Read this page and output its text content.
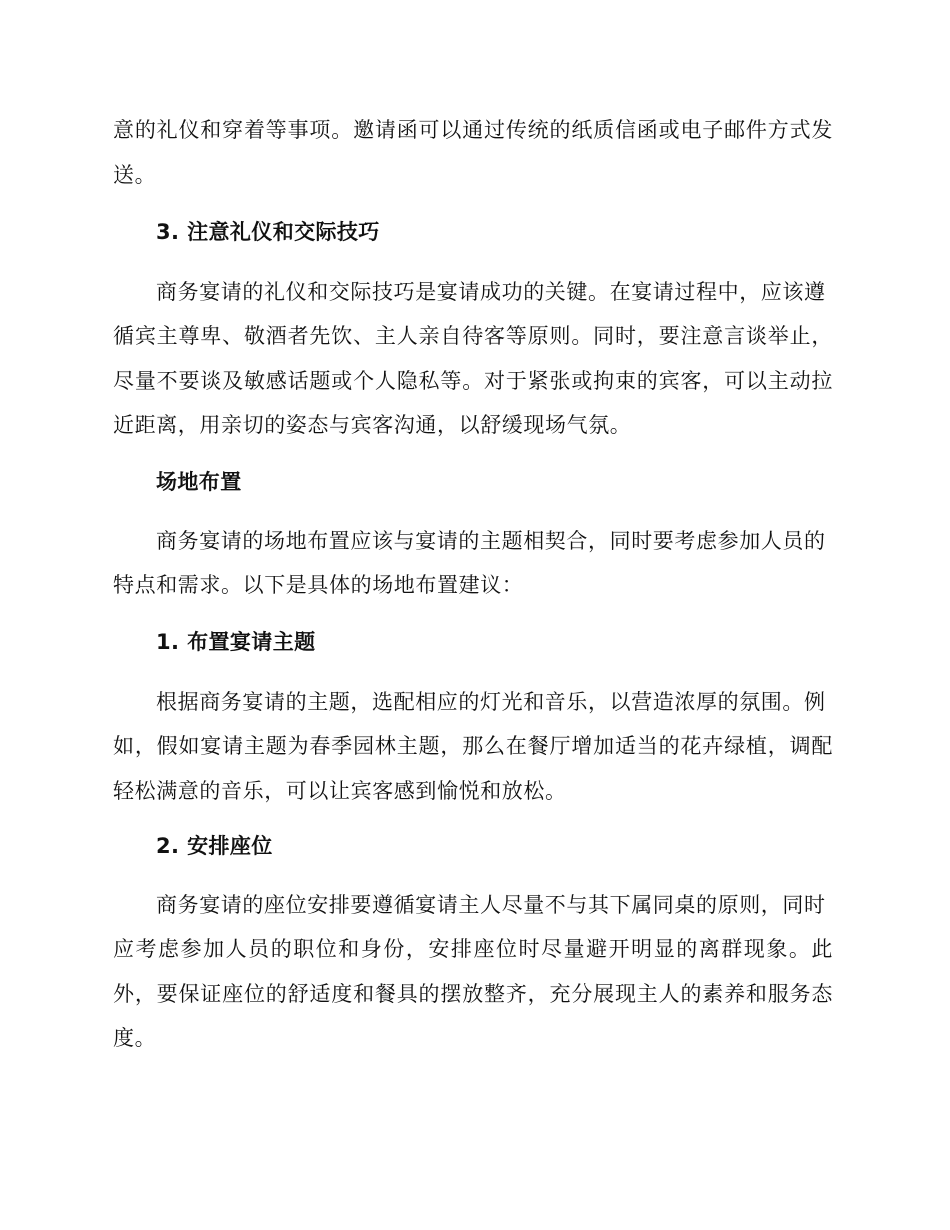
意的礼仪和穿着等事项。邀请函可以通过传统的纸质信函或电子邮件方式发
送。
3. 注意礼仪和交际技巧
商务宴请的礼仪和交际技巧是宴请成功的关键。在宴请过程中，应该遵
循宾主尊卑、敬酒者先饮、主人亲自待客等原则。同时，要注意言谈举止，
尽量不要谈及敏感话题或个人隐私等。对于紧张或拘束的宾客，可以主动拉
近距离，用亲切的姿态与宾客沟通，以舒缓现场气氛。
场地布置
商务宴请的场地布置应该与宴请的主题相契合，同时要考虑参加人员的
特点和需求。以下是具体的场地布置建议：
1. 布置宴请主题
根据商务宴请的主题，选配相应的灯光和音乐，以营造浓厚的氛围。例
如，假如宴请主题为春季园林主题，那么在餐厅增加适当的花卉绿植，调配
轻松满意的音乐，可以让宾客感到愉悦和放松。
2. 安排座位
商务宴请的座位安排要遵循宴请主人尽量不与其下属同桌的原则，同时
应考虑参加人员的职位和身份，安排座位时尽量避开明显的离群现象。此
外，要保证座位的舒适度和餐具的摆放整齐，充分展现主人的素养和服务态
度。
